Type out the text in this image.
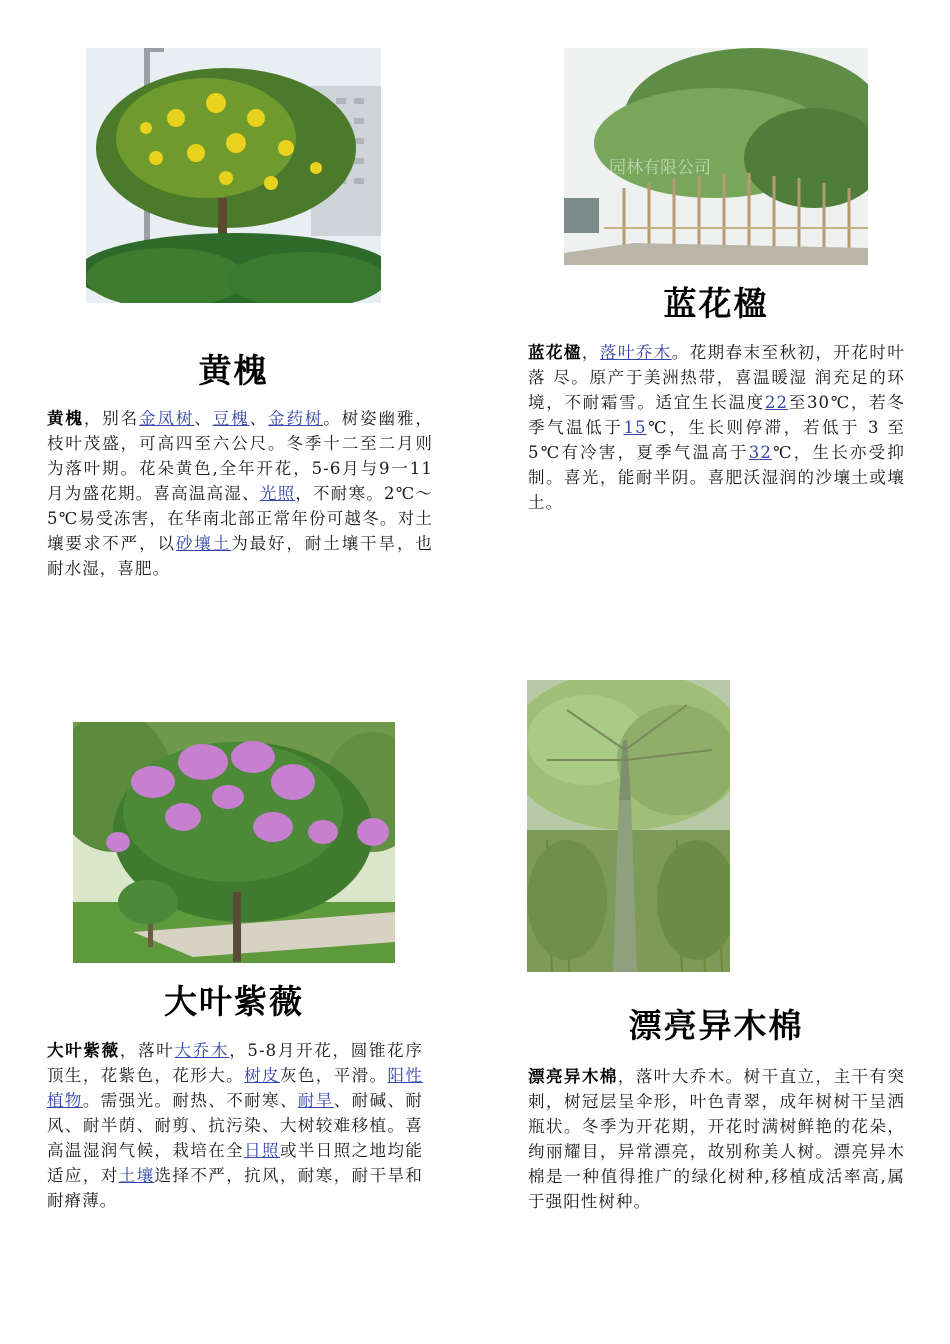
园林有限公司
蓝花楹
黄槐	蓝花楹，落叶乔木。花期春末至秋初，开花时叶落 尽。原产于美洲热带，喜温暖湿 润充足的环境，不耐霜雪。适宜生长温度22至30℃，若冬季气温低于15℃，生长则停滞，若低于 3 至 5℃有冷害，夏季气温高于32℃，生长亦受抑制。喜光，能耐半阴。喜肥沃湿润的沙壤土或壤土。

黄槐，别名金凤树、豆槐、金药树。树姿幽雅，枝叶茂盛，可高四至六公尺。冬季十二至二月则为落叶期。花朵黄色,全年开花，5-6月与9一11月为盛花期。喜高温高湿、光照，不耐寒。2℃～5℃易受冻害，在华南北部正常年份可越冬。对土壤要求不严，以砂壤土为最好，耐土壤干旱，也耐水湿，喜肥。

大叶紫薇
漂亮异木棉

大叶紫薇，落叶大乔木，5-8月开花，圆锥花序顶生，花紫色，花形大。树皮灰色，平滑。阳性植物。需强光。耐热、不耐寒、耐旱、耐碱、耐风、耐半荫、耐剪、抗污染、大树较难移植。喜高温湿润气候，栽培在全日照或半日照之地均能适应，对土壤选择不严，抗风，耐寒，耐干旱和耐瘠薄。

漂亮异木棉，落叶大乔木。树干直立，主干有突刺，树冠层呈伞形，叶色青翠，成年树树干呈洒瓶状。冬季为开花期，开花时满树鲜艳的花朵，绚丽耀目，异常漂亮，故别称美人树。漂亮异木棉是一种值得推广的绿化树种,移植成活率高,属于强阳性树种。
